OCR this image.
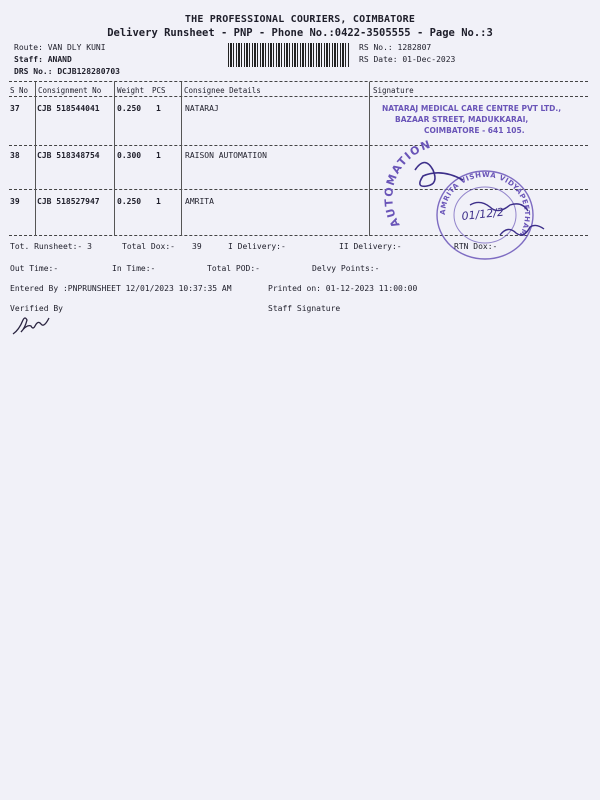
THE PROFESSIONAL COURIERS, COIMBATORE
Delivery Runsheet - PNP - Phone No.:0422-3505555 - Page No.:3
Route: VAN DLY KUNI
Staff: ANAND
DRS No.: DCJB128280703
RS No.: 1282807
RS Date: 01-Dec-2023
S No Consignment No Weight PCS Consignee Details	Signature
37 CJB 518544041 0.250 1	NATARAJ
38 CJB 518348754 0.300 1	RAISON AUTOMATION
39 CJB 518527947 0.250 1	AMRITA
NATARAJ MEDICAL CARE CENTRE PVT LTD.,
BAZAAR STREET, MADUKKARAI,
COIMBATORE - 641 105.
AUTOMATION
AMRITA VISHWA VIDYAPEETHAM
01/12/2
Tot. Runsheet:- 3	Total Dox:- 39	I Delivery:-	II Delivery:-	RTN Dox:-
Out Time:-	In Time:-	Total POD:-	Delvy Points:-
Entered By :PNPRUNSHEET 12/01/2023 10:37:35 AM	Printed on: 01-12-2023 11:00:00
Verified By	Staff Signature
